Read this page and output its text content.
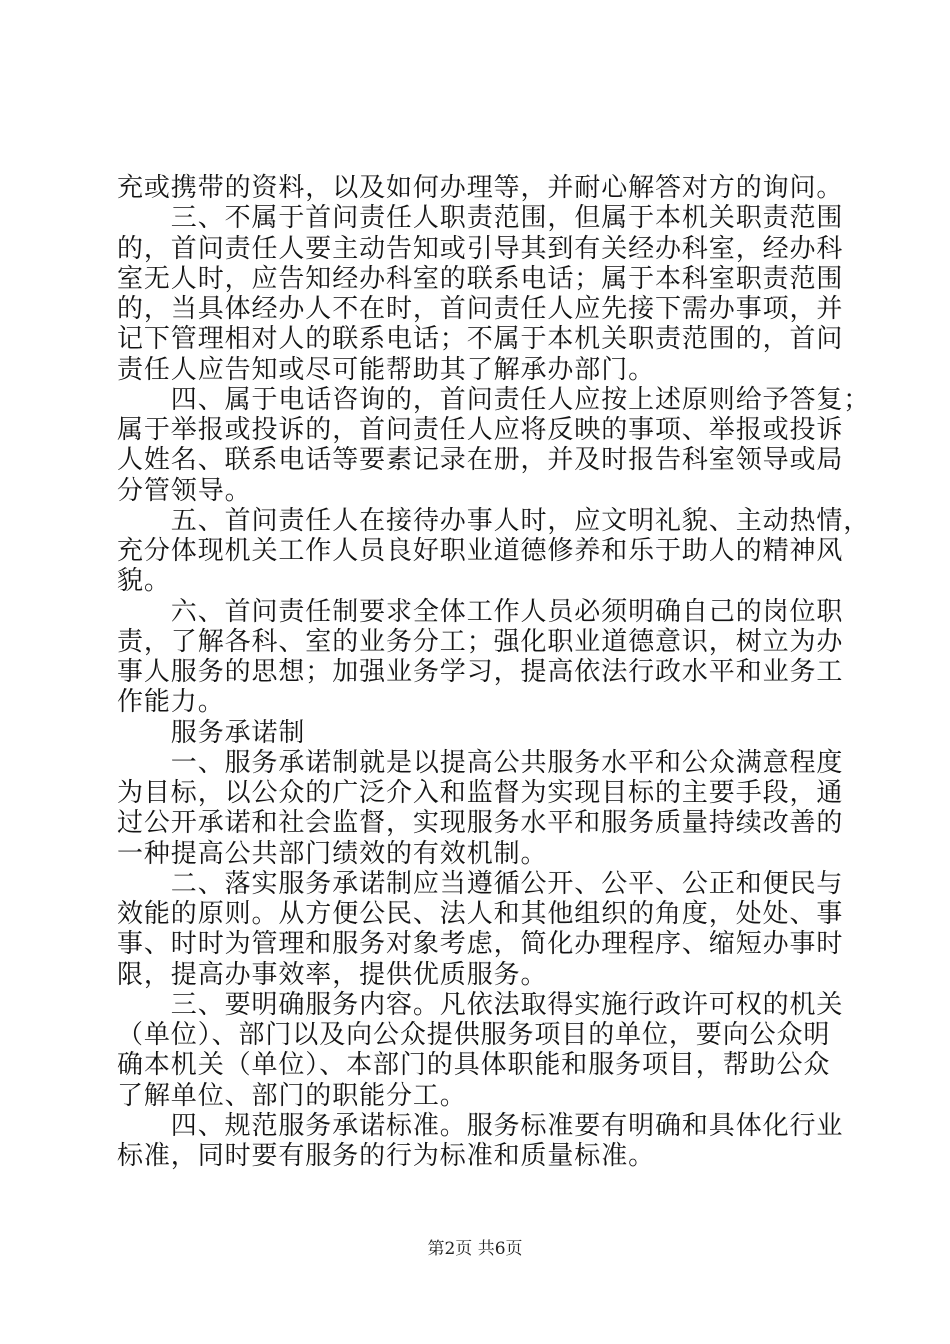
充或携带的资料，以及如何办理等，并耐心解答对方的询问。
　　三、不属于首问责任人职责范围，但属于本机关职责范围
的，首问责任人要主动告知或引导其到有关经办科室，经办科
室无人时，应告知经办科室的联系电话；属于本科室职责范围
的，当具体经办人不在时，首问责任人应先接下需办事项，并
记下管理相对人的联系电话；不属于本机关职责范围的，首问
责任人应告知或尽可能帮助其了解承办部门。
　　四、属于电话咨询的，首问责任人应按上述原则给予答复；
属于举报或投诉的，首问责任人应将反映的事项、举报或投诉
人姓名、联系电话等要素记录在册，并及时报告科室领导或局
分管领导。
　　五、首问责任人在接待办事人时，应文明礼貌、主动热情，
充分体现机关工作人员良好职业道德修养和乐于助人的精神风
貌。
　　六、首问责任制要求全体工作人员必须明确自己的岗位职
责，了解各科、室的业务分工；强化职业道德意识，树立为办
事人服务的思想；加强业务学习，提高依法行政水平和业务工
作能力。
　　服务承诺制
　　一、服务承诺制就是以提高公共服务水平和公众满意程度
为目标，以公众的广泛介入和监督为实现目标的主要手段，通
过公开承诺和社会监督，实现服务水平和服务质量持续改善的
一种提高公共部门绩效的有效机制。
　　二、落实服务承诺制应当遵循公开、公平、公正和便民与
效能的原则。从方便公民、法人和其他组织的角度，处处、事
事、时时为管理和服务对象考虑，简化办理程序、缩短办事时
限，提高办事效率，提供优质服务。
　　三、要明确服务内容。凡依法取得实施行政许可权的机关
（单位）、部门以及向公众提供服务项目的单位，要向公众明
确本机关（单位）、本部门的具体职能和服务项目，帮助公众
了解单位、部门的职能分工。
　　四、规范服务承诺标准。服务标准要有明确和具体化行业
标准，同时要有服务的行为标准和质量标准。
第2页 共6页
